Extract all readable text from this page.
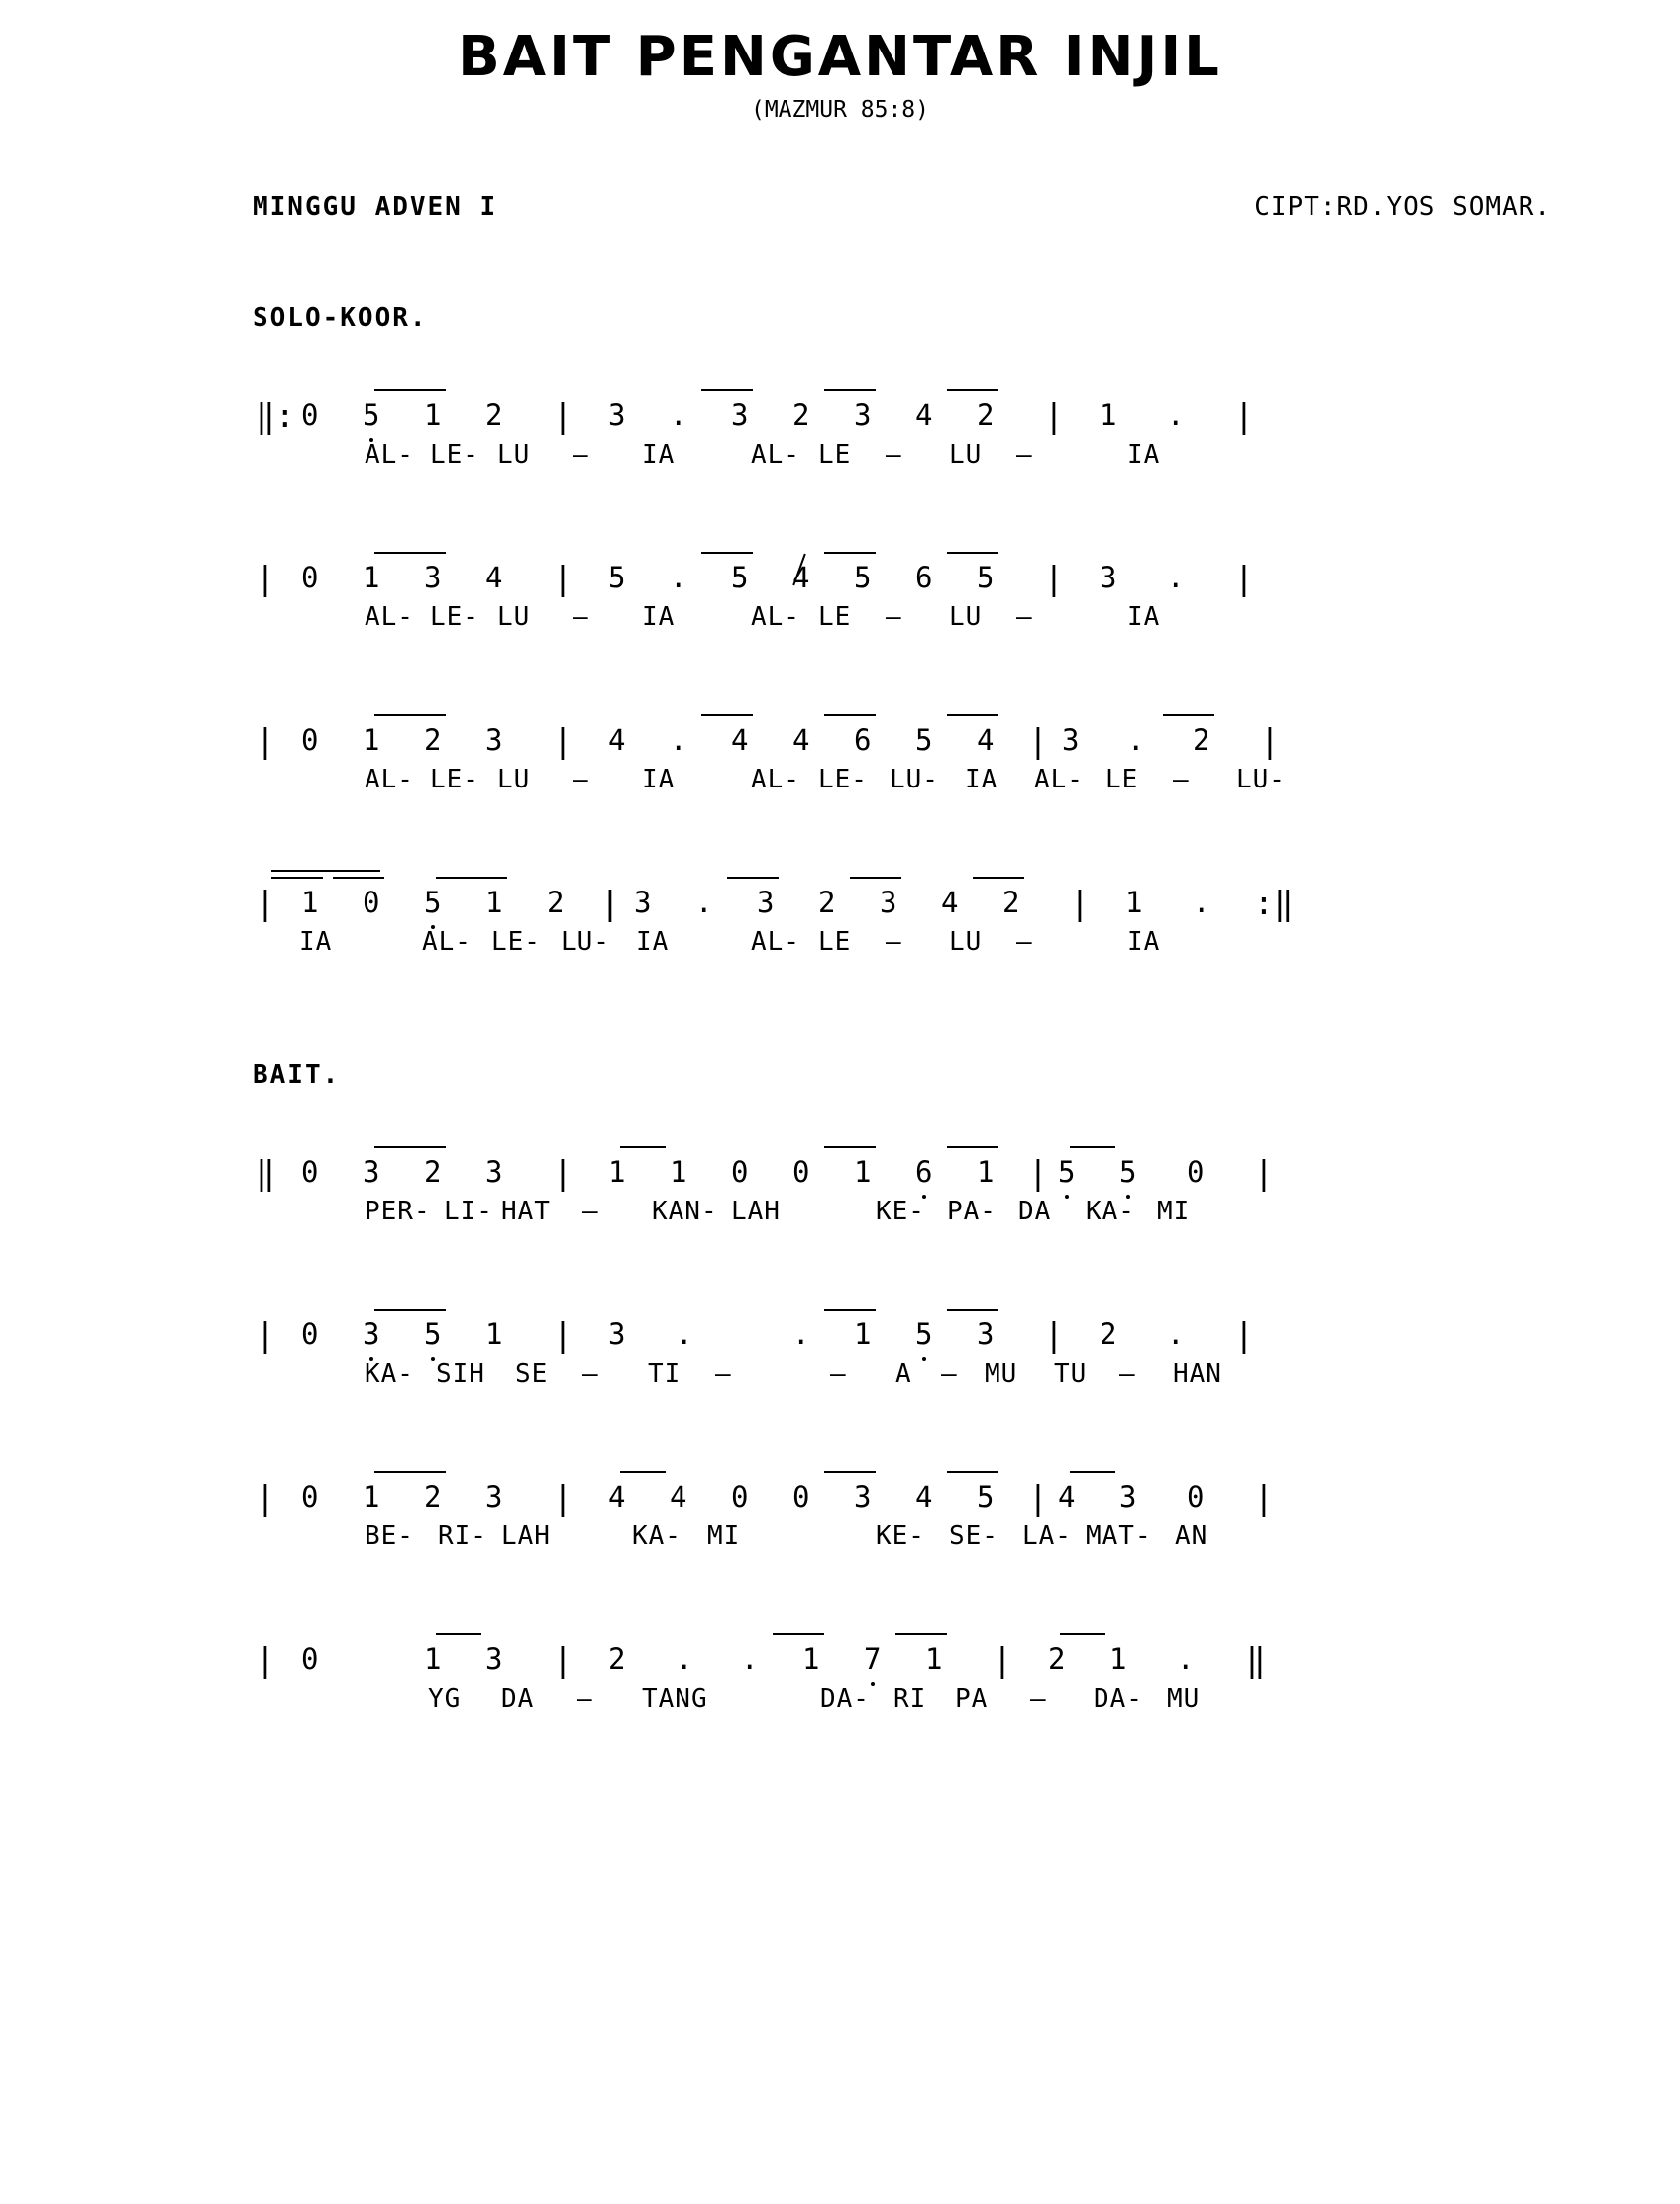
BAIT PENGANTAR INJIL
(MAZMUR 85:8)
MINGGU ADVEN I	CIPT:RD.YOS SOMAR.
SOLO-KOOR.
‖: 0 5 1 2 | 3 . 3 2 3 4 2 | 1 . |
AL- LE- LU – IA	AL- LE – LU –	IA
| 0 1 3 4 | 5 . 5 4 5 6 5 | 3 . |
AL- LE- LU – IA	AL- LE – LU –	IA
| 0 1 2 3 | 4 . 4 4 6 5 4 | 3 . 2 |
AL- LE- LU – IA	AL- LE- LU- IA AL- LE – LU-
| 1 0 5 1 2 | 3 . 3 2 3 4 2 | 1 . :‖
IA	AL- LE- LU- IA	AL- LE – LU –	IA
BAIT.
‖ 0 3 2 3 | 1 1 0 0 1 6 1 | 5 5 0 |
PER- LI- HAT – KAN- LAH	KE- PA- DA KA- MI
| 0 3 5 1 | 3 .	. 1 5 3 | 2 . |
KA- SIH SE – TI –	– A – MU TU – HAN
| 0 1 2 3 | 4 4 0 0 3 4 5 | 4 3 0 |
BE- RI- LAH	KA- MI	KE- SE- LA- MAT- AN
| 0	1 3 | 2 . . 1 7 1 | 2 1 . ‖
YG DA – TANG	DA- RI PA – DA- MU
